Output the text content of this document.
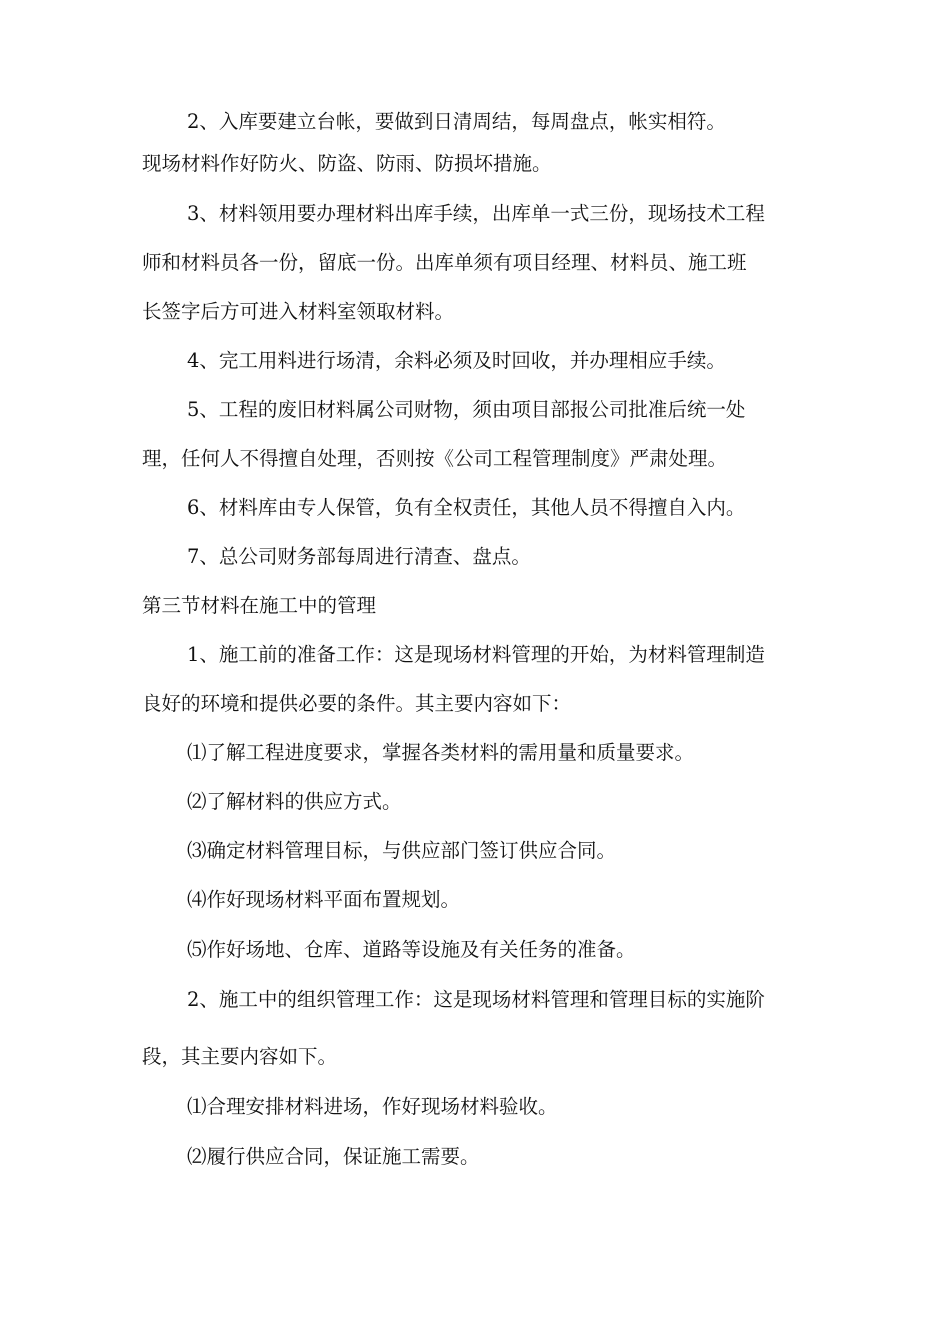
2、入库要建立台帐，要做到日清周结，每周盘点，帐实相符。
现场材料作好防火、防盗、防雨、防损坏措施。
3、材料领用要办理材料出库手续，出库单一式三份，现场技术工程
师和材料员各一份，留底一份。出库单须有项目经理、材料员、施工班
长签字后方可进入材料室领取材料。
4、完工用料进行场清，余料必须及时回收，并办理相应手续。
5、工程的废旧材料属公司财物，须由项目部报公司批准后统一处
理，任何人不得擅自处理，否则按《公司工程管理制度》严肃处理。
6、材料库由专人保管，负有全权责任，其他人员不得擅自入内。
7、总公司财务部每周进行清查、盘点。
第三节材料在施工中的管理
1、施工前的准备工作：这是现场材料管理的开始，为材料管理制造
良好的环境和提供必要的条件。其主要内容如下：
⑴了解工程进度要求，掌握各类材料的需用量和质量要求。
⑵了解材料的供应方式。
⑶确定材料管理目标，与供应部门签订供应合同。
⑷作好现场材料平面布置规划。
⑸作好场地、仓库、道路等设施及有关任务的准备。
2、施工中的组织管理工作：这是现场材料管理和管理目标的实施阶
段，其主要内容如下。
⑴合理安排材料进场，作好现场材料验收。
⑵履行供应合同，保证施工需要。
